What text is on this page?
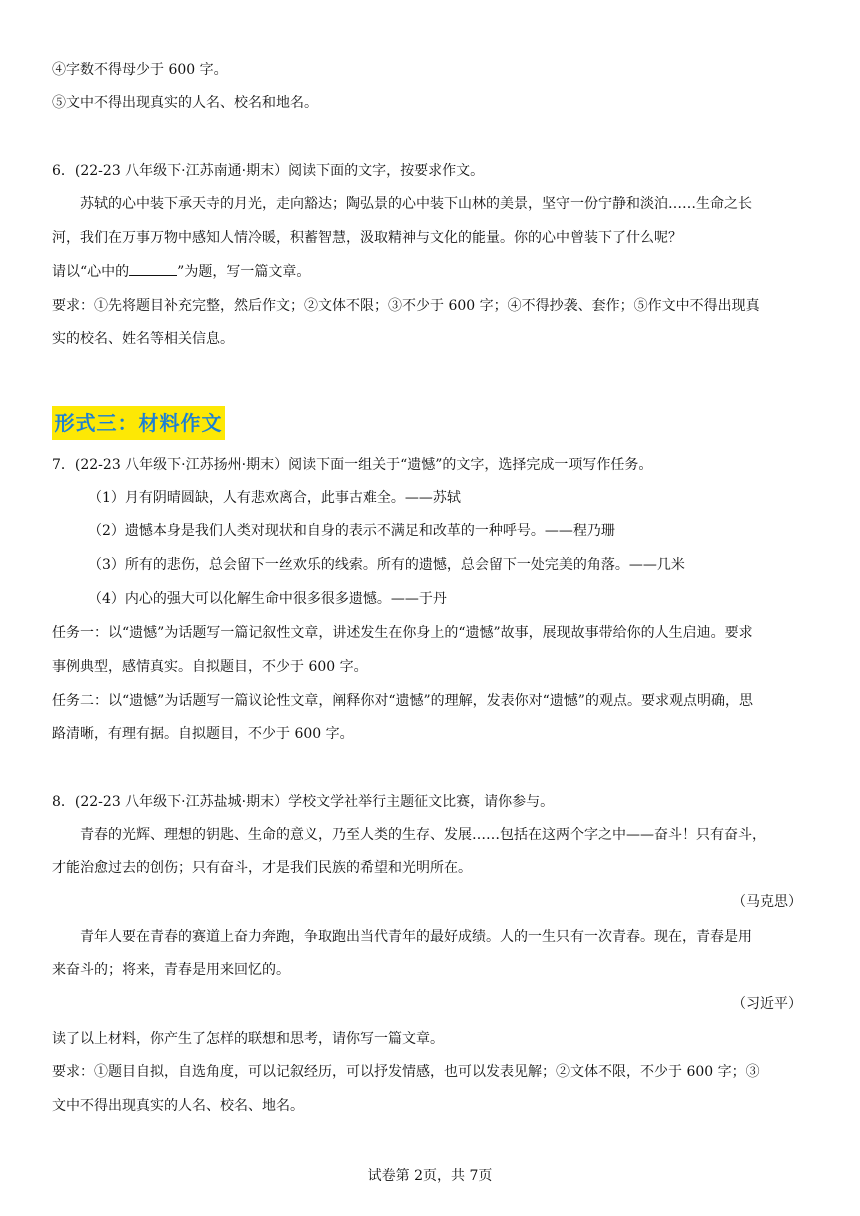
④字数不得母少于 600 字。
⑤文中不得出现真实的人名、校名和地名。
6．(22-23 八年级下·江苏南通·期末）阅读下面的文字，按要求作文。
苏轼的心中装下承天寺的月光，走向豁达；陶弘景的心中装下山林的美景，坚守一份宁静和淡泊……生命之长
河，我们在万事万物中感知人情冷暖，积蓄智慧，汲取精神与文化的能量。你的心中曾装下了什么呢？
请以“心中的	”为题，写一篇文章。
要求：①先将题目补充完整，然后作文；②文体不限；③不少于 600 字；④不得抄袭、套作；⑤作文中不得出现真
实的校名、姓名等相关信息。
形式三：材料作文
7．(22-23 八年级下·江苏扬州·期末）阅读下面一组关于“遗憾”的文字，选择完成一项写作任务。
（1）月有阴晴圆缺，人有悲欢离合，此事古难全。——苏轼
（2）遗憾本身是我们人类对现状和自身的表示不满足和改革的一种呼号。——程乃珊
（3）所有的悲伤，总会留下一丝欢乐的线索。所有的遗憾，总会留下一处完美的角落。——几米
（4）内心的强大可以化解生命中很多很多遗憾。——于丹
任务一：以“遗憾”为话题写一篇记叙性文章，讲述发生在你身上的“遗憾”故事，展现故事带给你的人生启迪。要求
事例典型，感情真实。自拟题目，不少于 600 字。
任务二：以“遗憾”为话题写一篇议论性文章，阐释你对“遗憾”的理解，发表你对“遗憾”的观点。要求观点明确，思
路清晰，有理有据。自拟题目，不少于 600 字。
8．(22-23 八年级下·江苏盐城·期末）学校文学社举行主题征文比赛，请你参与。
青春的光辉、理想的钥匙、生命的意义，乃至人类的生存、发展……包括在这两个字之中——奋斗！只有奋斗，
才能治愈过去的创伤；只有奋斗，才是我们民族的希望和光明所在。
（马克思）
青年人要在青春的赛道上奋力奔跑，争取跑出当代青年的最好成绩。人的一生只有一次青春。现在，青春是用
来奋斗的；将来，青春是用来回忆的。
（习近平）
读了以上材料，你产生了怎样的联想和思考，请你写一篇文章。
要求：①题目自拟，自选角度，可以记叙经历，可以抒发情感，也可以发表见解；②文体不限，不少于 600 字；③
文中不得出现真实的人名、校名、地名。
试卷第 2页，共 7页
